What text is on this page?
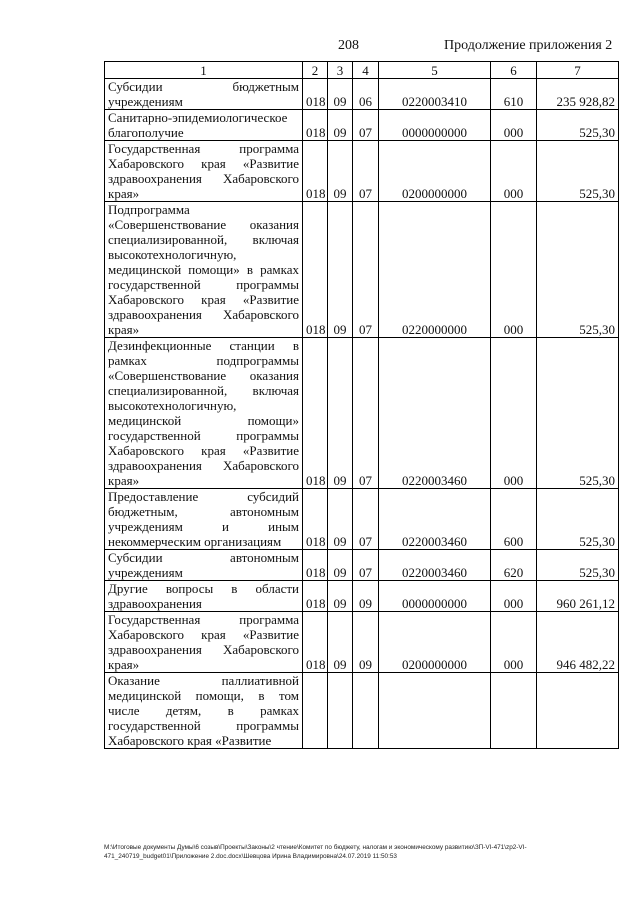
208	Продолжение приложения 2
1	2	3	4	5	6	7
Субсидии бюджетным учреждениям	018	09	06	0220003410	610	235 928,82
Санитарно-эпидемиологическое благополучие	018	09	07	0000000000	000	525,30
Государственная программа Хабаровского края «Развитие здравоохранения Хабаровского края»	018	09	07	0200000000	000	525,30
Подпрограмма «Совершенствование оказания специализированной, включая высокотехнологичную, медицинской помощи» в рамках государственной программы Хабаровского края «Развитие здравоохранения Хабаровского края»	018	09	07	0220000000	000	525,30
Дезинфекционные станции в рамках подпрограммы «Совершенствование оказания специализированной, включая высокотехнологичную, медицинской помощи» государственной программы Хабаровского края «Развитие здравоохранения Хабаровского края»	018	09	07	0220003460	000	525,30
Предоставление субсидий бюджетным, автономным учреждениям и иным некоммерческим организациям	018	09	07	0220003460	600	525,30
Субсидии автономным учреждениям	018	09	07	0220003460	620	525,30
Другие вопросы в области здравоохранения	018	09	09	0000000000	000	960 261,12
Государственная программа Хабаровского края «Развитие здравоохранения Хабаровского края»	018	09	09	0200000000	000	946 482,22
Оказание паллиативной медицинской помощи, в том числе детям, в рамках государственной программы Хабаровского края «Развитие						
M:\Итоговые документы Думы\6 созыв\Проекты\Законы\2 чтение\Комитет по бюджету, налогам и экономическому развитию\ЗП-VI-471\zp2-VI-471_240719_budget01\Приложение 2.doc.docx\Шевцова Ирина Владимировна\24.07.2019 11:50:53
